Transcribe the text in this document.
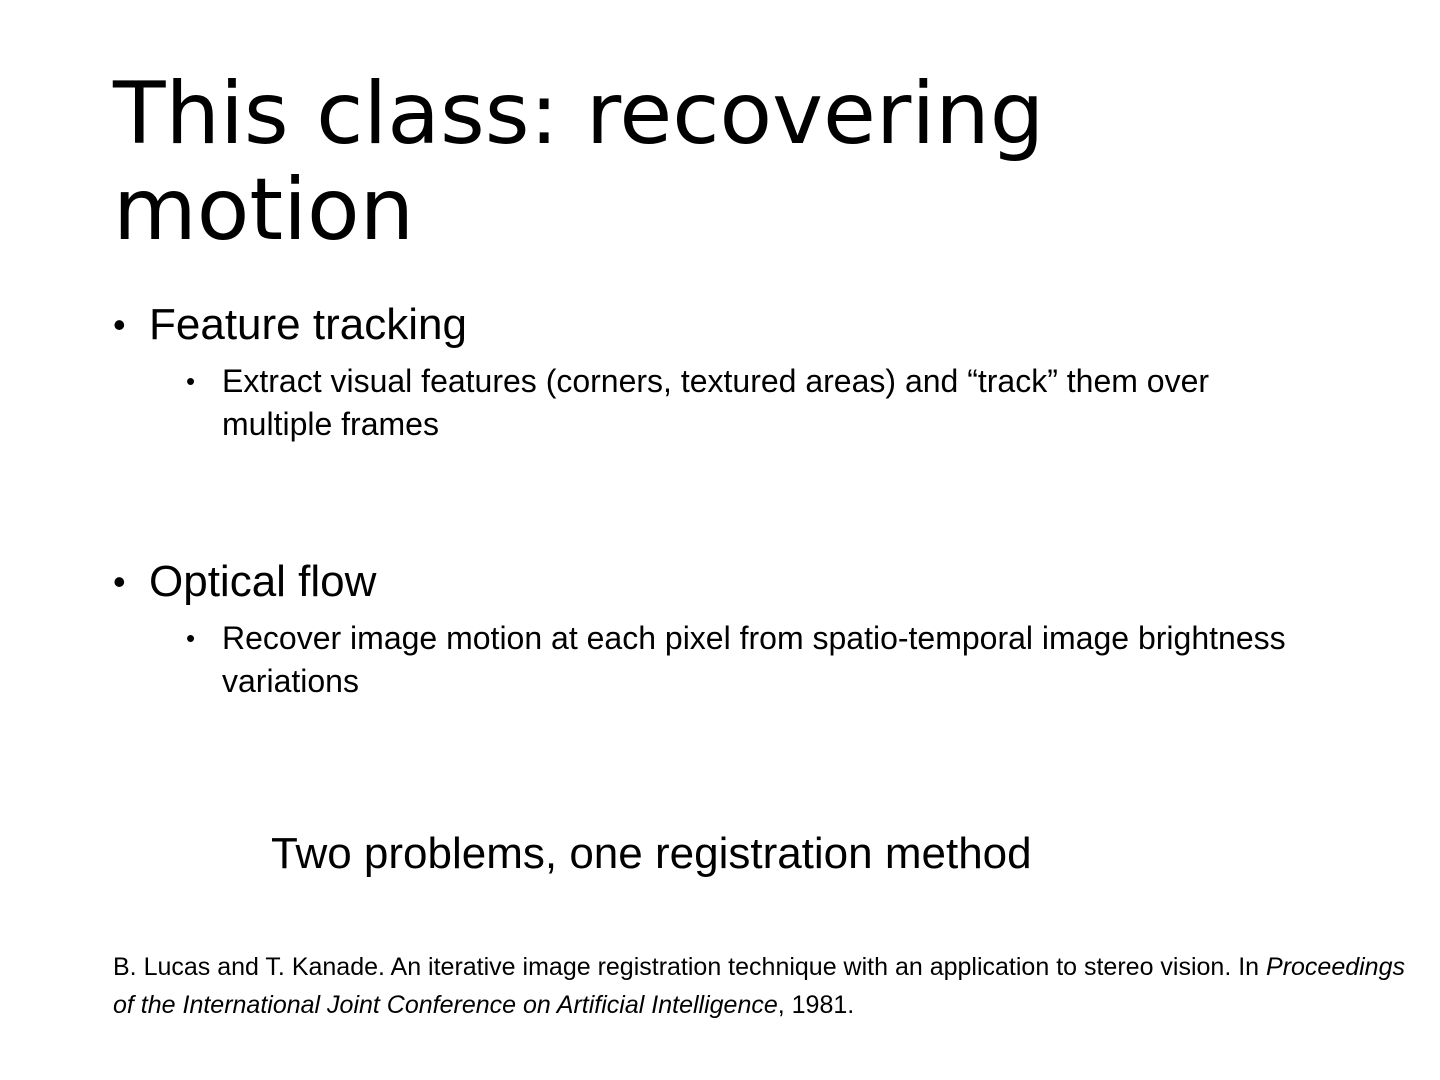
This class: recovering motion
• Feature tracking
• Extract visual features (corners, textured areas) and “track” them over multiple frames
• Optical flow
• Recover image motion at each pixel from spatio-temporal image brightness variations
Two problems, one registration method
B. Lucas and T. Kanade. An iterative image registration technique with an application to stereo vision. In Proceedings of the International Joint Conference on Artificial Intelligence, 1981.
